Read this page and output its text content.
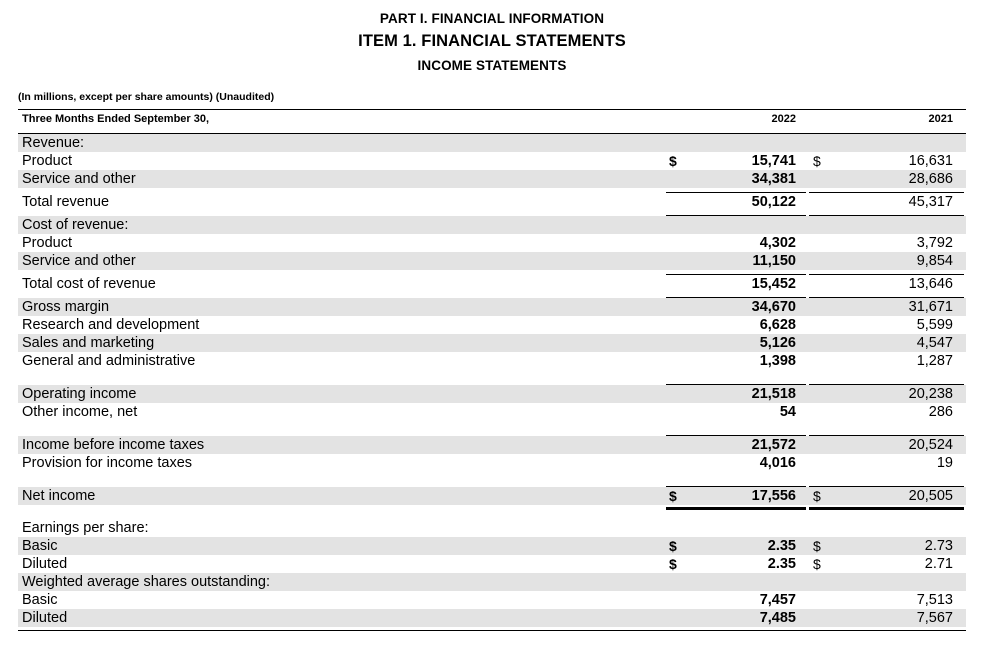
PART I. FINANCIAL INFORMATION
ITEM 1. FINANCIAL STATEMENTS
INCOME STATEMENTS
(In millions, except per share amounts) (Unaudited)

Three Months Ended September 30,		2022		2021

Revenue:				
Product	$	15,741	$	16,631
Service and other		34,381		28,686

Total revenue		50,122		45,317

Cost of revenue:				
Product		4,302		3,792
Service and other		11,150		9,854

Total cost of revenue		15,452		13,646

Gross margin		34,670		31,671
Research and development		6,628		5,599
Sales and marketing		5,126		4,547
General and administrative		1,398		1,287

Operating income		21,518		20,238
Other income, net		54		286

Income before income taxes		21,572		20,524
Provision for income taxes		4,016		19

Net income	$	17,556	$	20,505

Earnings per share:				
Basic	$	2.35	$	2.73
Diluted	$	2.35	$	2.71
Weighted average shares outstanding:				
Basic		7,457		7,513
Diluted		7,485		7,567
